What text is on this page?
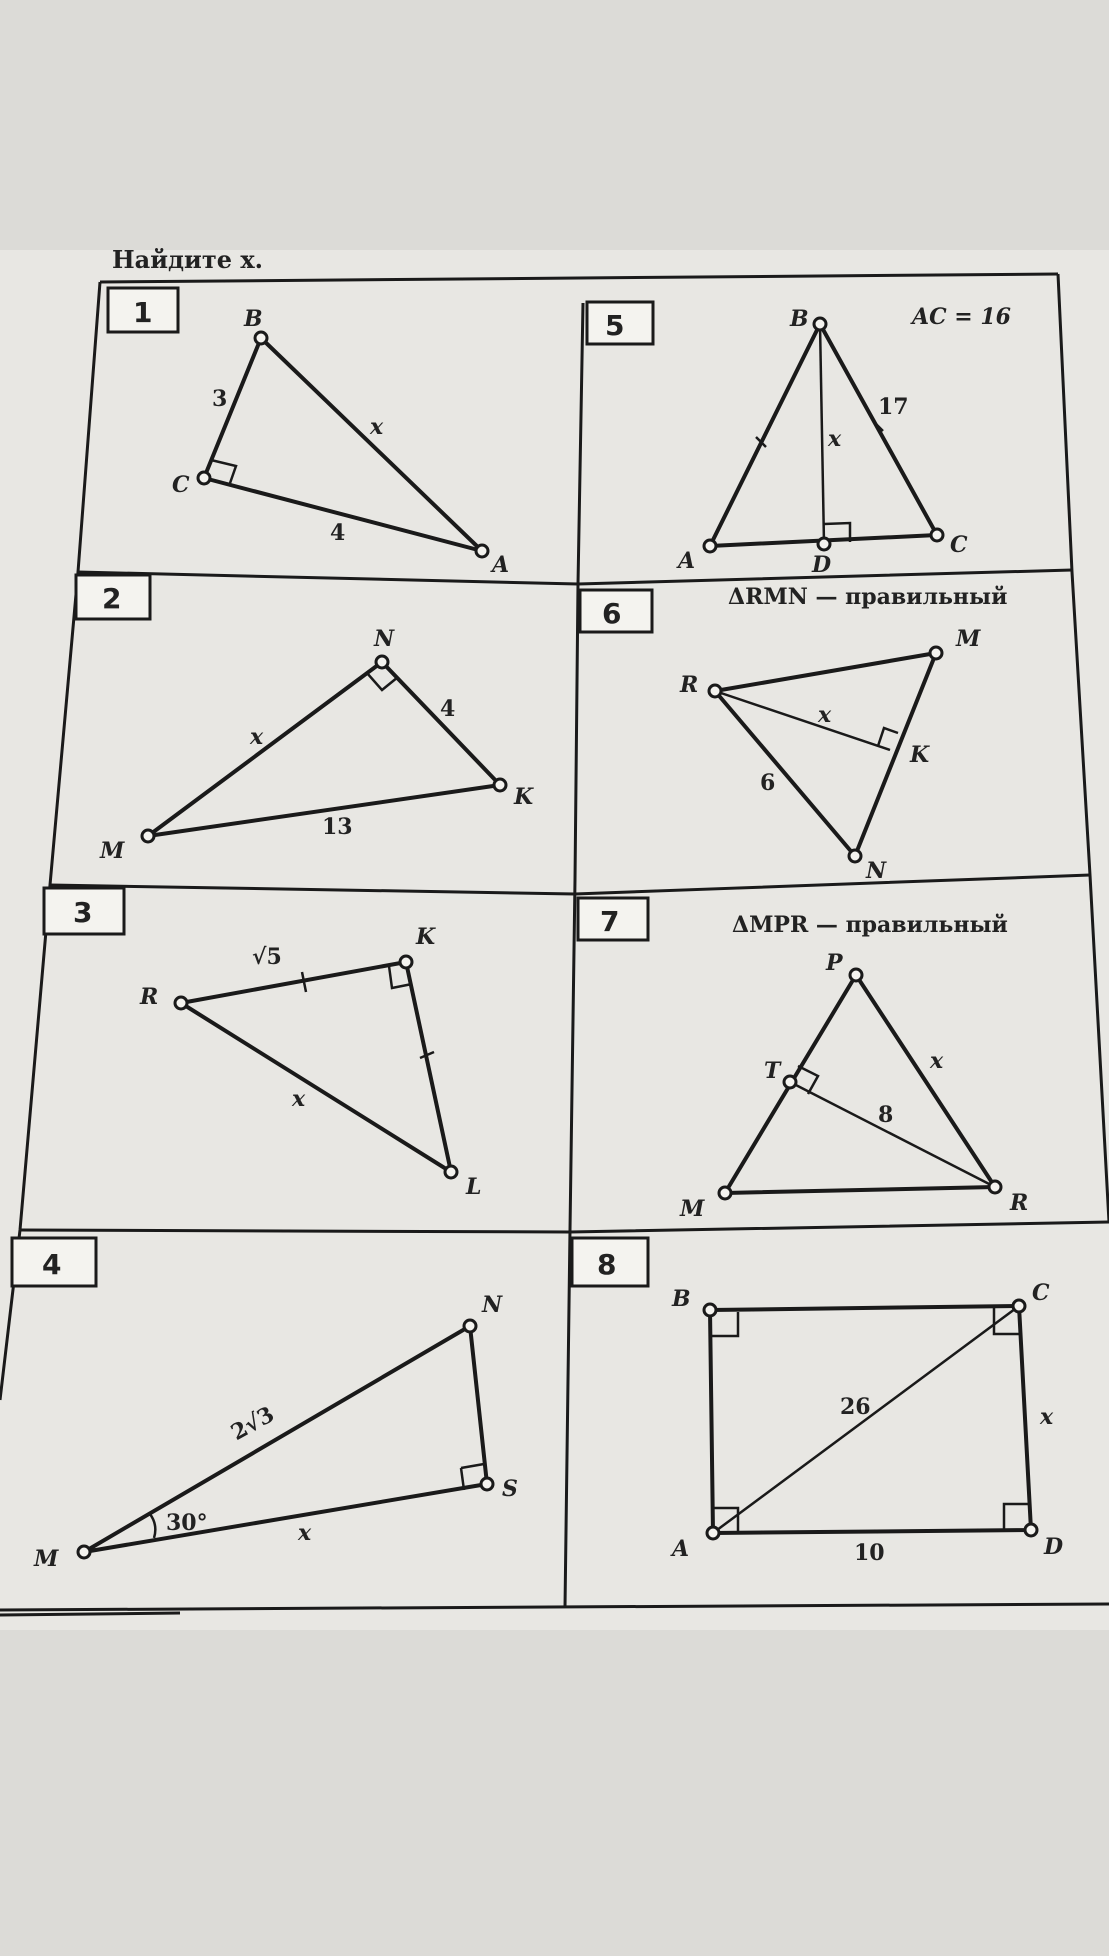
Найдите x.
1	5
2	6
3	7
4	8
B
C
A
3
4
x
B
A	D
C
17
x
AC = 16
N
K
M
4
13
x
R
M
K
N
x
6
ΔRMN — правильный
R
K
L
√5
x
P
T
M	R
x
8
ΔMPR — правильный
M
N
S
2√3
30°	x
B	C
A	D
26	x
10
